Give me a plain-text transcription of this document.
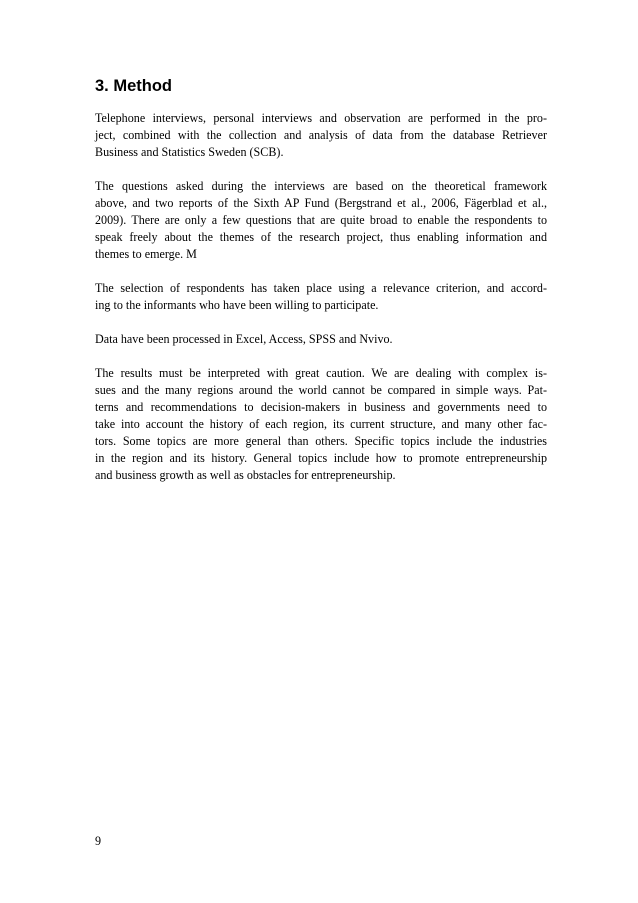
3. Method

Telephone interviews, personal interviews and observation are performed in the pro-
ject, combined with the collection and analysis of data from the database Retriever
Business and Statistics Sweden (SCB).

The questions asked during the interviews are based on the theoretical framework
above, and two reports of the Sixth AP Fund (Bergstrand et al., 2006, Fägerblad et al.,
2009). There are only a few questions that are quite broad to enable the respondents to
speak freely about the themes of the research project, thus enabling information and
themes to emerge. M

The selection of respondents has taken place using a relevance criterion, and accord-
ing to the informants who have been willing to participate.

Data have been processed in Excel, Access, SPSS and Nvivo.

The results must be interpreted with great caution. We are dealing with complex is-
sues and the many regions around the world cannot be compared in simple ways. Pat-
terns and recommendations to decision-makers in business and governments need to
take into account the history of each region, its current structure, and many other fac-
tors. Some topics are more general than others. Specific topics include the industries
in the region and its history. General topics include how to promote entrepreneurship
and business growth as well as obstacles for entrepreneurship.

9
